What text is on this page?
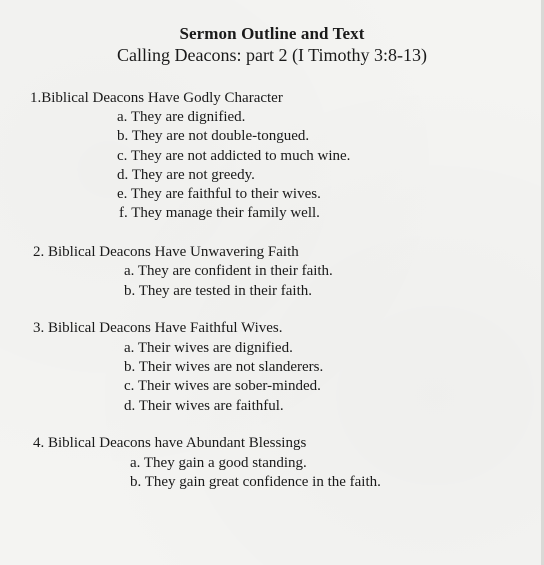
Sermon Outline and Text
Calling Deacons: part 2 (I Timothy 3:8-13)
1.Biblical Deacons Have Godly Character
a. They are dignified.
b. They are not double-tongued.
c. They are not addicted to much wine.
d. They are not greedy.
e. They are faithful to their wives.
f. They manage their family well.
2. Biblical Deacons Have Unwavering Faith
a. They are confident in their faith.
b. They are tested in their faith.
3. Biblical Deacons Have Faithful Wives.
a. Their wives are dignified.
b. Their wives are not slanderers.
c. Their wives are sober-minded.
d. Their wives are faithful.
4. Biblical Deacons have Abundant Blessings
a. They gain a good standing.
b. They gain great confidence in the faith.
